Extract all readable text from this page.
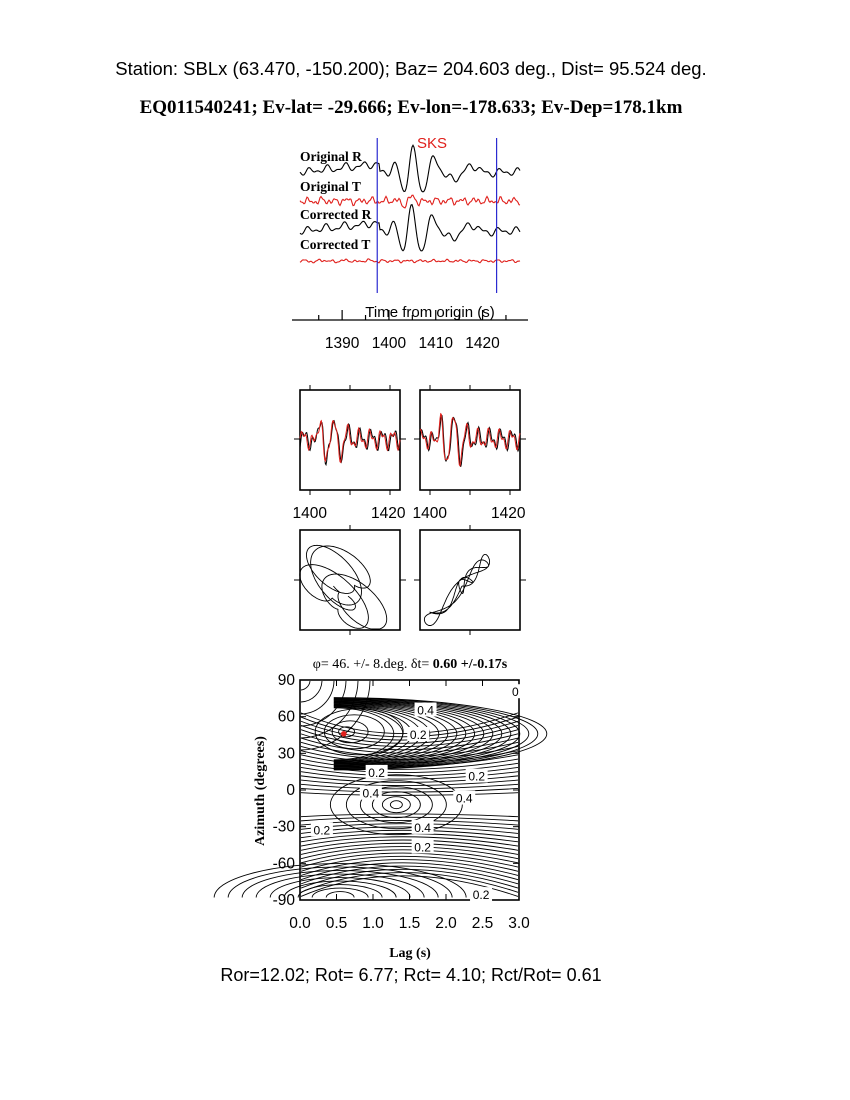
Station: SBLx (63.470, -150.200); Baz= 204.603 deg., Dist= 95.524 deg.
EQ011540241; Ev-lat= -29.666; Ev-lon=-178.633; Ev-Dep=178.1km
SKS
Original R
Original T
Corrected R
Corrected T
Time from origin (s)
1390 1400 1410 1420
1400	1420 1400	1420
φ= 46. +/- 8.deg. δt= 0.60 +/-0.17s
0.0 0.5 1.0 1.5 2.0 2.5 3.0
90
60
30
0
-30
-60
-90
0.4
0.2
0
0.2	0.2
0.4	0.4
0.2	0.4
0.2
0.2
Lag (s)
Azimuth (degrees)
Ror=12.02; Rot= 6.77; Rct= 4.10; Rct/Rot= 0.61
